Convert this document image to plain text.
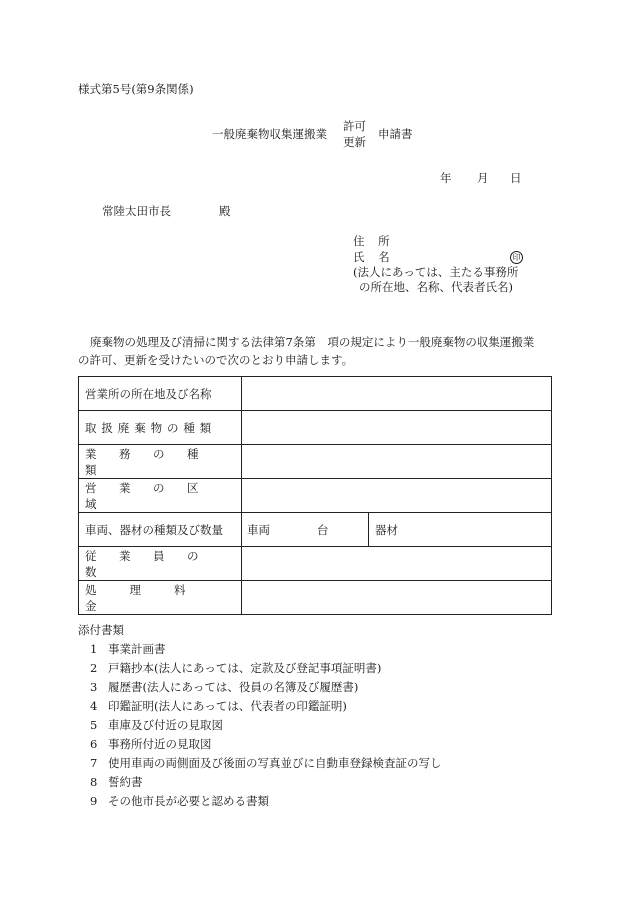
様式第5号(第9条関係)
一般廃棄物収集運搬業
許可
更新
申請書
年 月 日
常陸太田市長	殿
住 所
氏 名	印
(法人にあっては、主たる事務所
の所在地、名称、代表者氏名)
廃棄物の処理及び清掃に関する法律第7条第　項の規定により一般廃棄物の収集運搬業
の許可、更新を受けたいので次のとおり申請します。
営業所の所在地及び名称	
取扱廃棄物の種類	
業務の種類	
営業の区域	
車両、器材の種類及び数量	車両 台 器材

従業員の数	
処理料金	
添付書類
1 事業計画書
2 戸籍抄本(法人にあっては、定款及び登記事項証明書)
3 履歴書(法人にあっては、役員の名簿及び履歴書)
4 印鑑証明(法人にあっては、代表者の印鑑証明)
5 車庫及び付近の見取図
6 事務所付近の見取図
7 使用車両の両側面及び後面の写真並びに自動車登録検査証の写し
8 誓約書
9 その他市長が必要と認める書類
